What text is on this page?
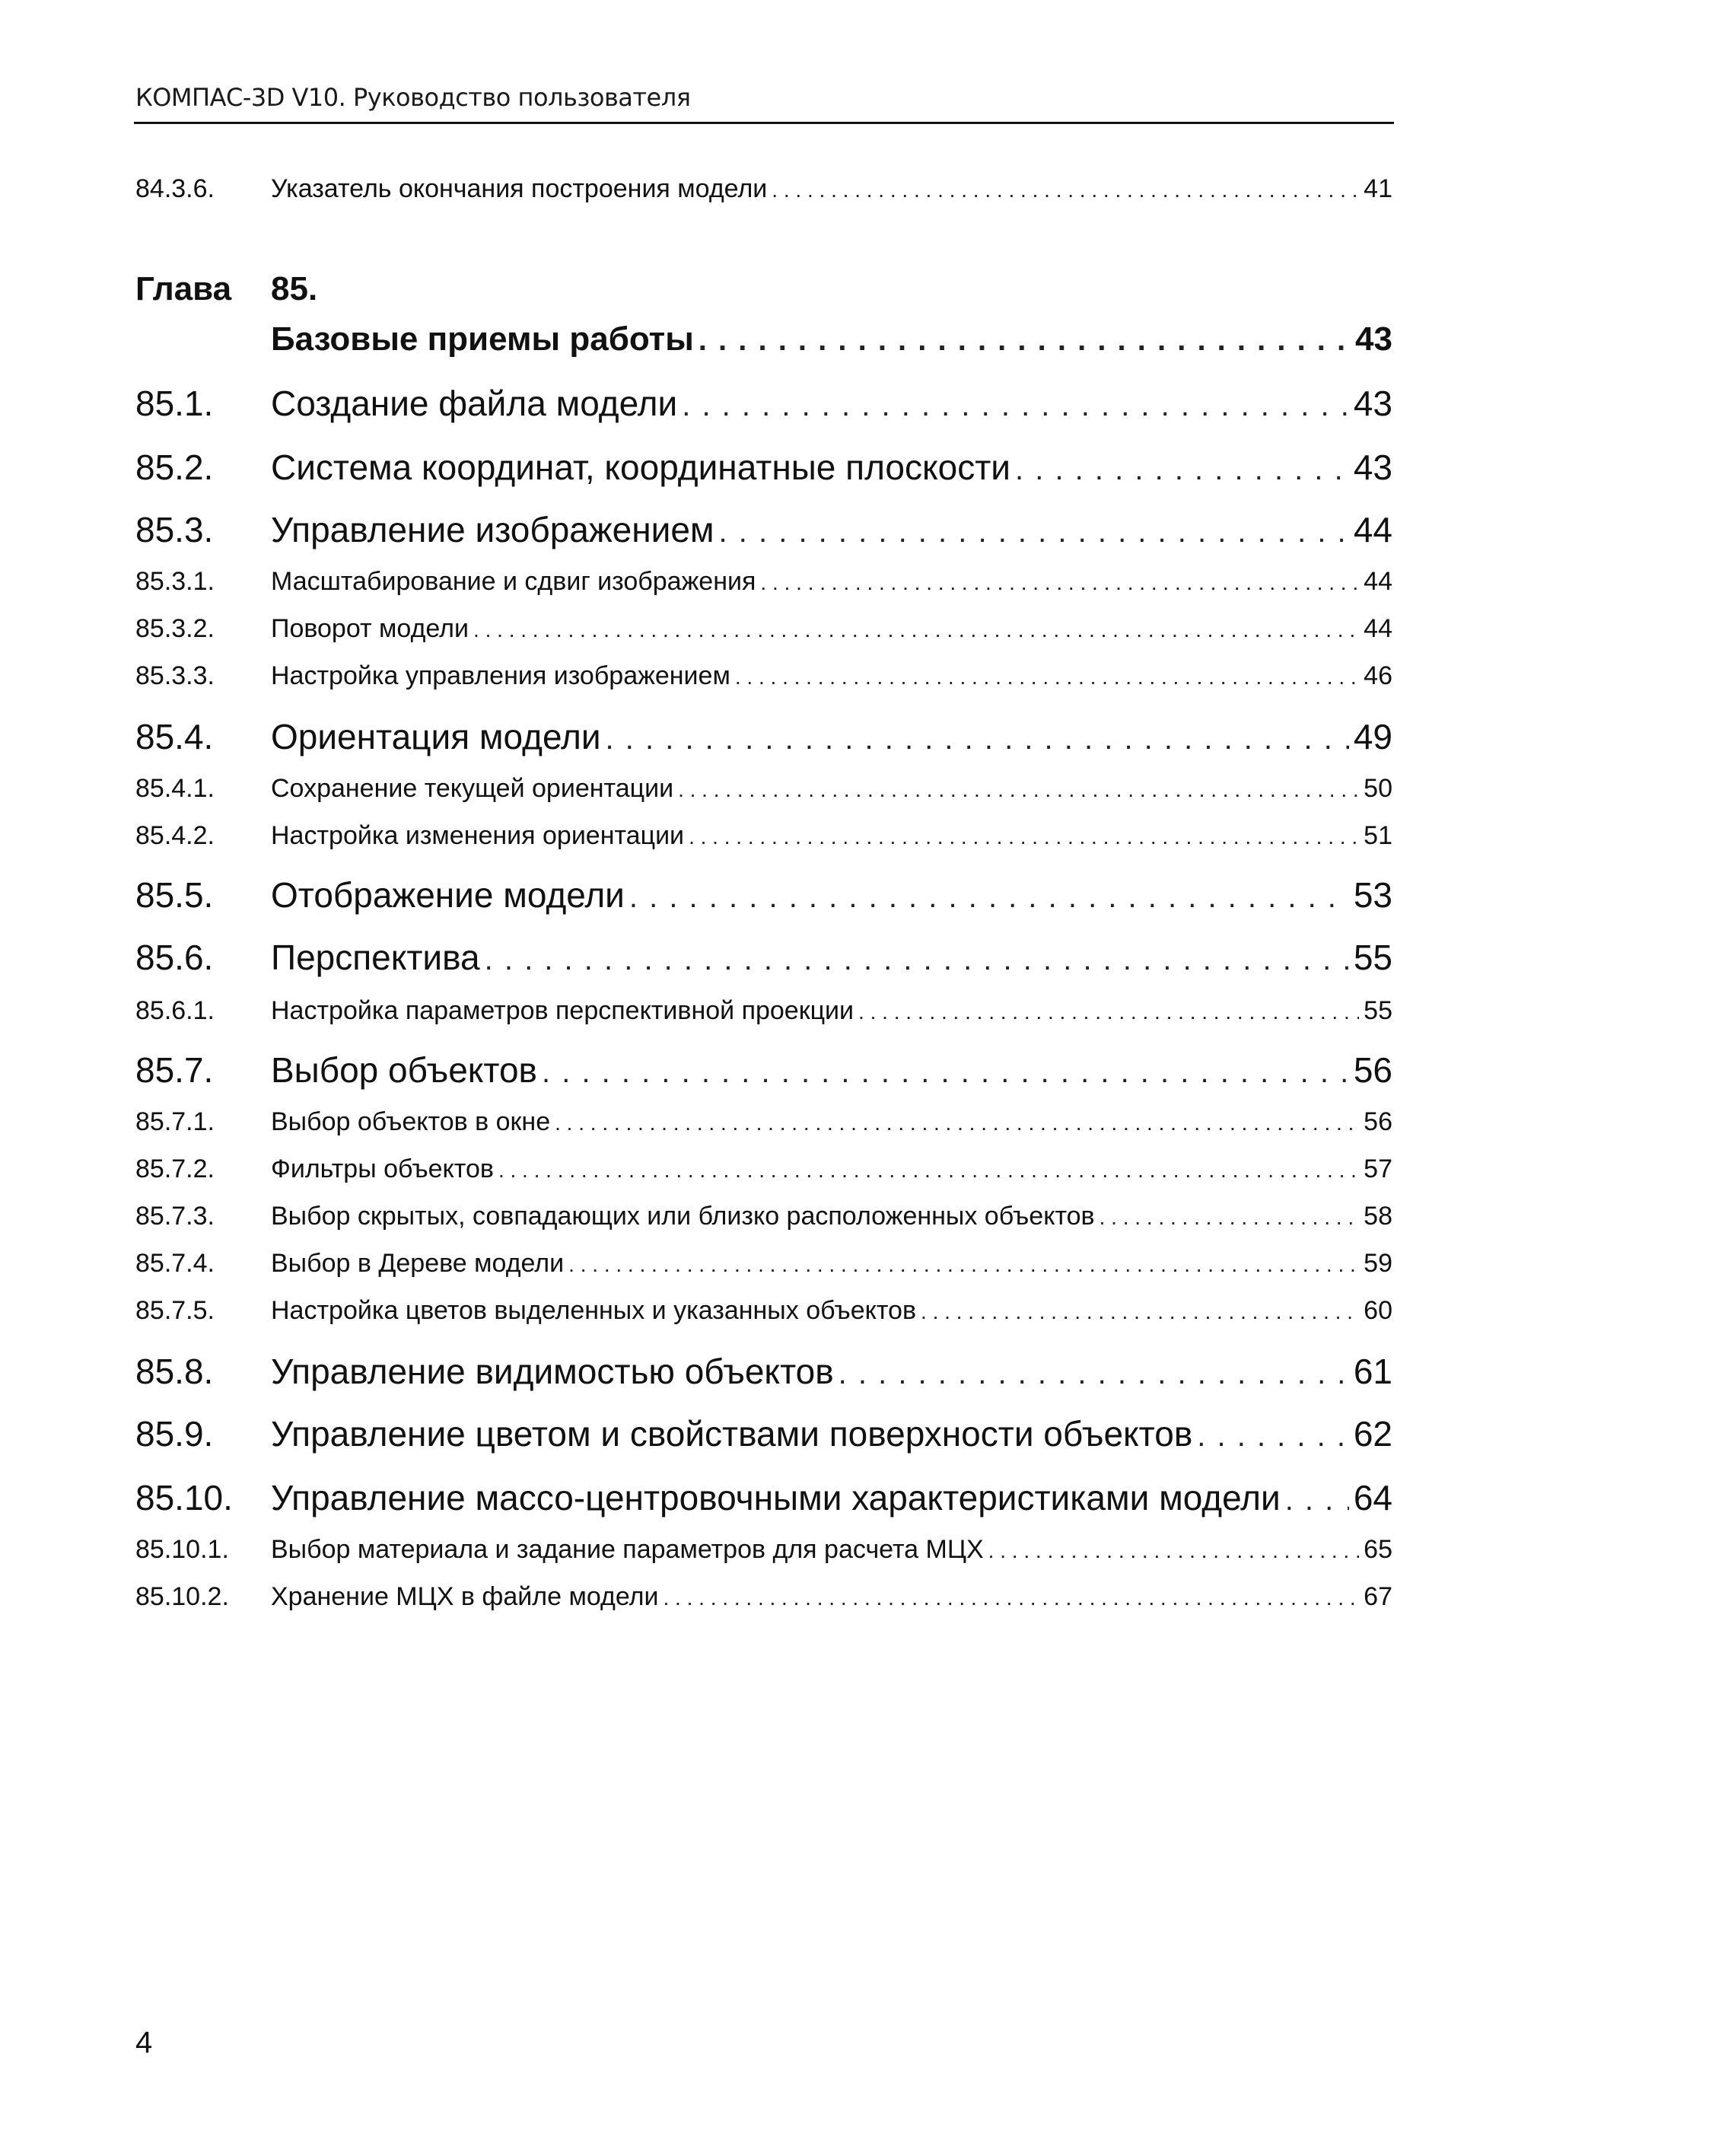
КОМПАС-3D V10. Руководство пользователя
84.3.6.	Указатель окончания построения модели . . .	41
Глава 85.
Базовые приемы работы . . .	43
85.1.	Создание файла модели . . .	43
85.2.	Система координат, координатные плоскости . . .	43
85.3.	Управление изображением . . .	44
85.3.1.	Масштабирование и сдвиг изображения . . .	44
85.3.2.	Поворот модели . . .	44
85.3.3.	Настройка управления изображением . . .	46
85.4.	Ориентация модели . . .	49
85.4.1.	Сохранение текущей ориентации . . .	50
85.4.2.	Настройка изменения ориентации . . .	51
85.5.	Отображение модели . . .	53
85.6.	Перспектива . . .	55
85.6.1.	Настройка параметров перспективной проекции . . .	55
85.7.	Выбор объектов . . .	56
85.7.1.	Выбор объектов в окне . . .	56
85.7.2.	Фильтры объектов . . .	57
85.7.3.	Выбор скрытых, совпадающих или близко расположенных объектов . . .	58
85.7.4.	Выбор в Дереве модели . . .	59
85.7.5.	Настройка цветов выделенных и указанных объектов . . .	60
85.8.	Управление видимостью объектов . . .	61
85.9.	Управление цветом и свойствами поверхности объектов . . .	62
85.10.	Управление массо-центровочными характеристиками модели . . . 64
85.10.1.	Выбор материала и задание параметров для расчета МЦХ . . .	65
85.10.2.	Хранение МЦХ в файле модели . . .	67
4
